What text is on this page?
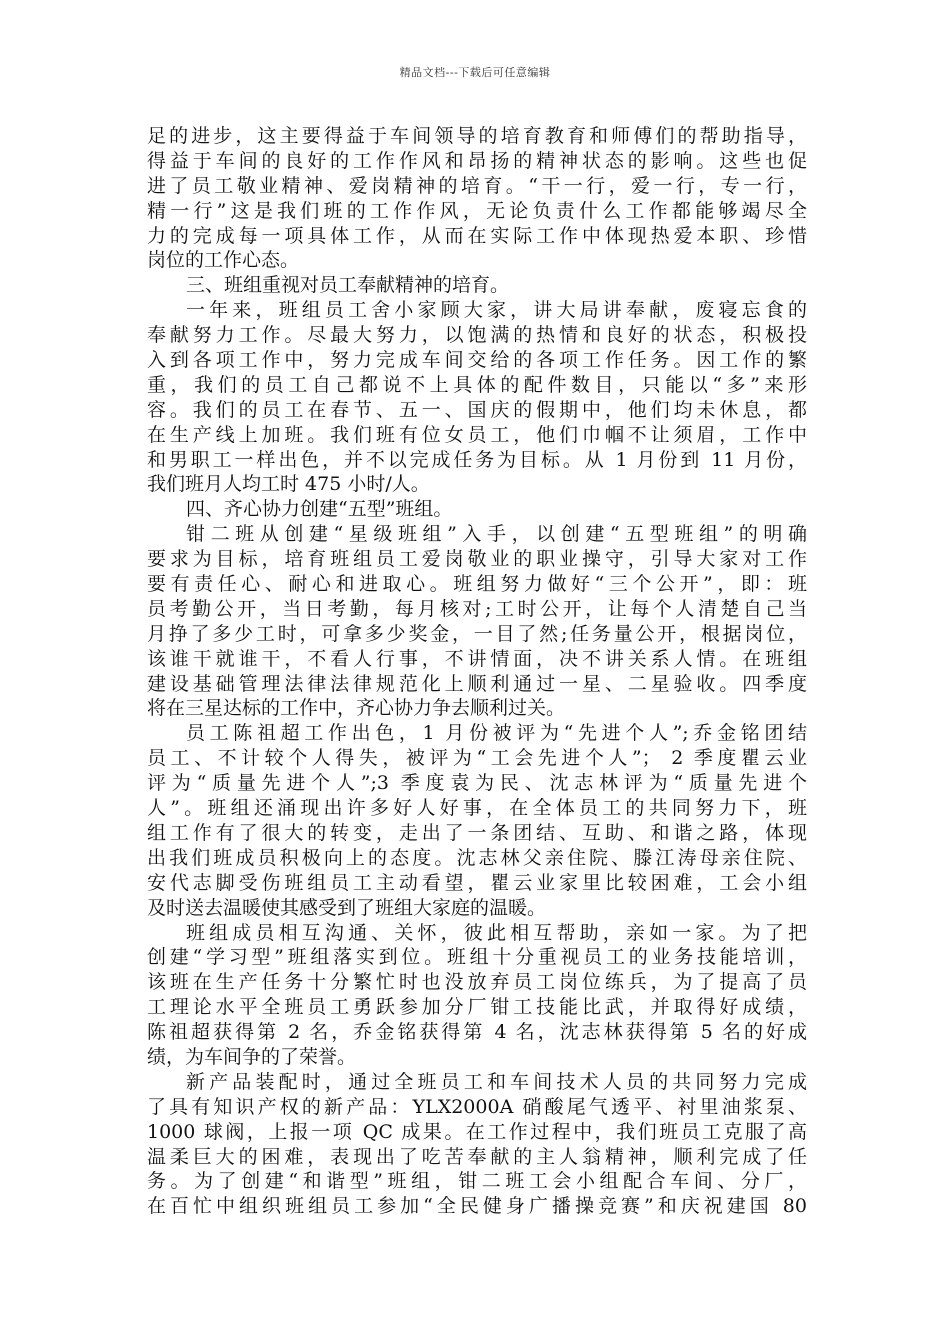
精品文档---下载后可任意编辑
足的进步，这主要得益于车间领导的培育教育和师傅们的帮助指导，
得益于车间的良好的工作作风和昂扬的精神状态的影响。这些也促
进了员工敬业精神、爱岗精神的培育。“干一行，爱一行，专一行，
精一行”这是我们班的工作作风，无论负责什么工作都能够竭尽全
力的完成每一项具体工作，从而在实际工作中体现热爱本职、珍惜
岗位的工作心态。
三、班组重视对员工奉献精神的培育。
一年来，班组员工舍小家顾大家，讲大局讲奉献，废寝忘食的
奉献努力工作。尽最大努力，以饱满的热情和良好的状态，积极投
入到各项工作中，努力完成车间交给的各项工作任务。因工作的繁
重，我们的员工自己都说不上具体的配件数目，只能以“多”来形
容。我们的员工在春节、五一、国庆的假期中，他们均未休息，都
在生产线上加班。我们班有位女员工，他们巾帼不让须眉，工作中
和男职工一样出色，并不以完成任务为目标。从 1 月份到 11 月份，
我们班月人均工时 475 小时/人。
四、齐心协力创建“五型”班组。
钳二班从创建“星级班组”入手，以创建“五型班组”的明确
要求为目标，培育班组员工爱岗敬业的职业操守，引导大家对工作
要有责任心、耐心和进取心。班组努力做好“三个公开”，即：班
员考勤公开，当日考勤，每月核对;工时公开，让每个人清楚自己当
月挣了多少工时，可拿多少奖金，一目了然;任务量公开，根据岗位，
该谁干就谁干，不看人行事，不讲情面，决不讲关系人情。在班组
建设基础管理法律法律规范化上顺利通过一星、二星验收。四季度
将在三星达标的工作中，齐心协力争去顺利过关。
员工陈祖超工作出色，1 月份被评为“先进个人”;乔金铭团结
员工、不计较个人得失，被评为“工会先进个人”； 2 季度瞿云业
评为“质量先进个人”;3 季度袁为民、沈志林评为“质量先进个
人”。班组还涌现出许多好人好事，在全体员工的共同努力下，班
组工作有了很大的转变，走出了一条团结、互助、和谐之路，体现
出我们班成员积极向上的态度。沈志林父亲住院、滕江涛母亲住院、
安代志脚受伤班组员工主动看望，瞿云业家里比较困难，工会小组
及时送去温暖使其感受到了班组大家庭的温暖。
班组成员相互沟通、关怀，彼此相互帮助，亲如一家。为了把
创建“学习型”班组落实到位。班组十分重视员工的业务技能培训，
该班在生产任务十分繁忙时也没放弃员工岗位练兵，为了提高了员
工理论水平全班员工勇跃参加分厂钳工技能比武，并取得好成绩，
陈祖超获得第 2 名，乔金铭获得第 4 名，沈志林获得第 5 名的好成
绩，为车间争的了荣誉。
新产品装配时，通过全班员工和车间技术人员的共同努力完成
了具有知识产权的新产品：YLX2000A 硝酸尾气透平、衬里油浆泵、
1000 球阀，上报一项 QC 成果。在工作过程中，我们班员工克服了高
温柔巨大的困难，表现出了吃苦奉献的主人翁精神，顺利完成了任
务。为了创建“和谐型”班组，钳二班工会小组配合车间、分厂，
在百忙中组织班组员工参加“全民健身广播操竞赛”和庆祝建国 80
